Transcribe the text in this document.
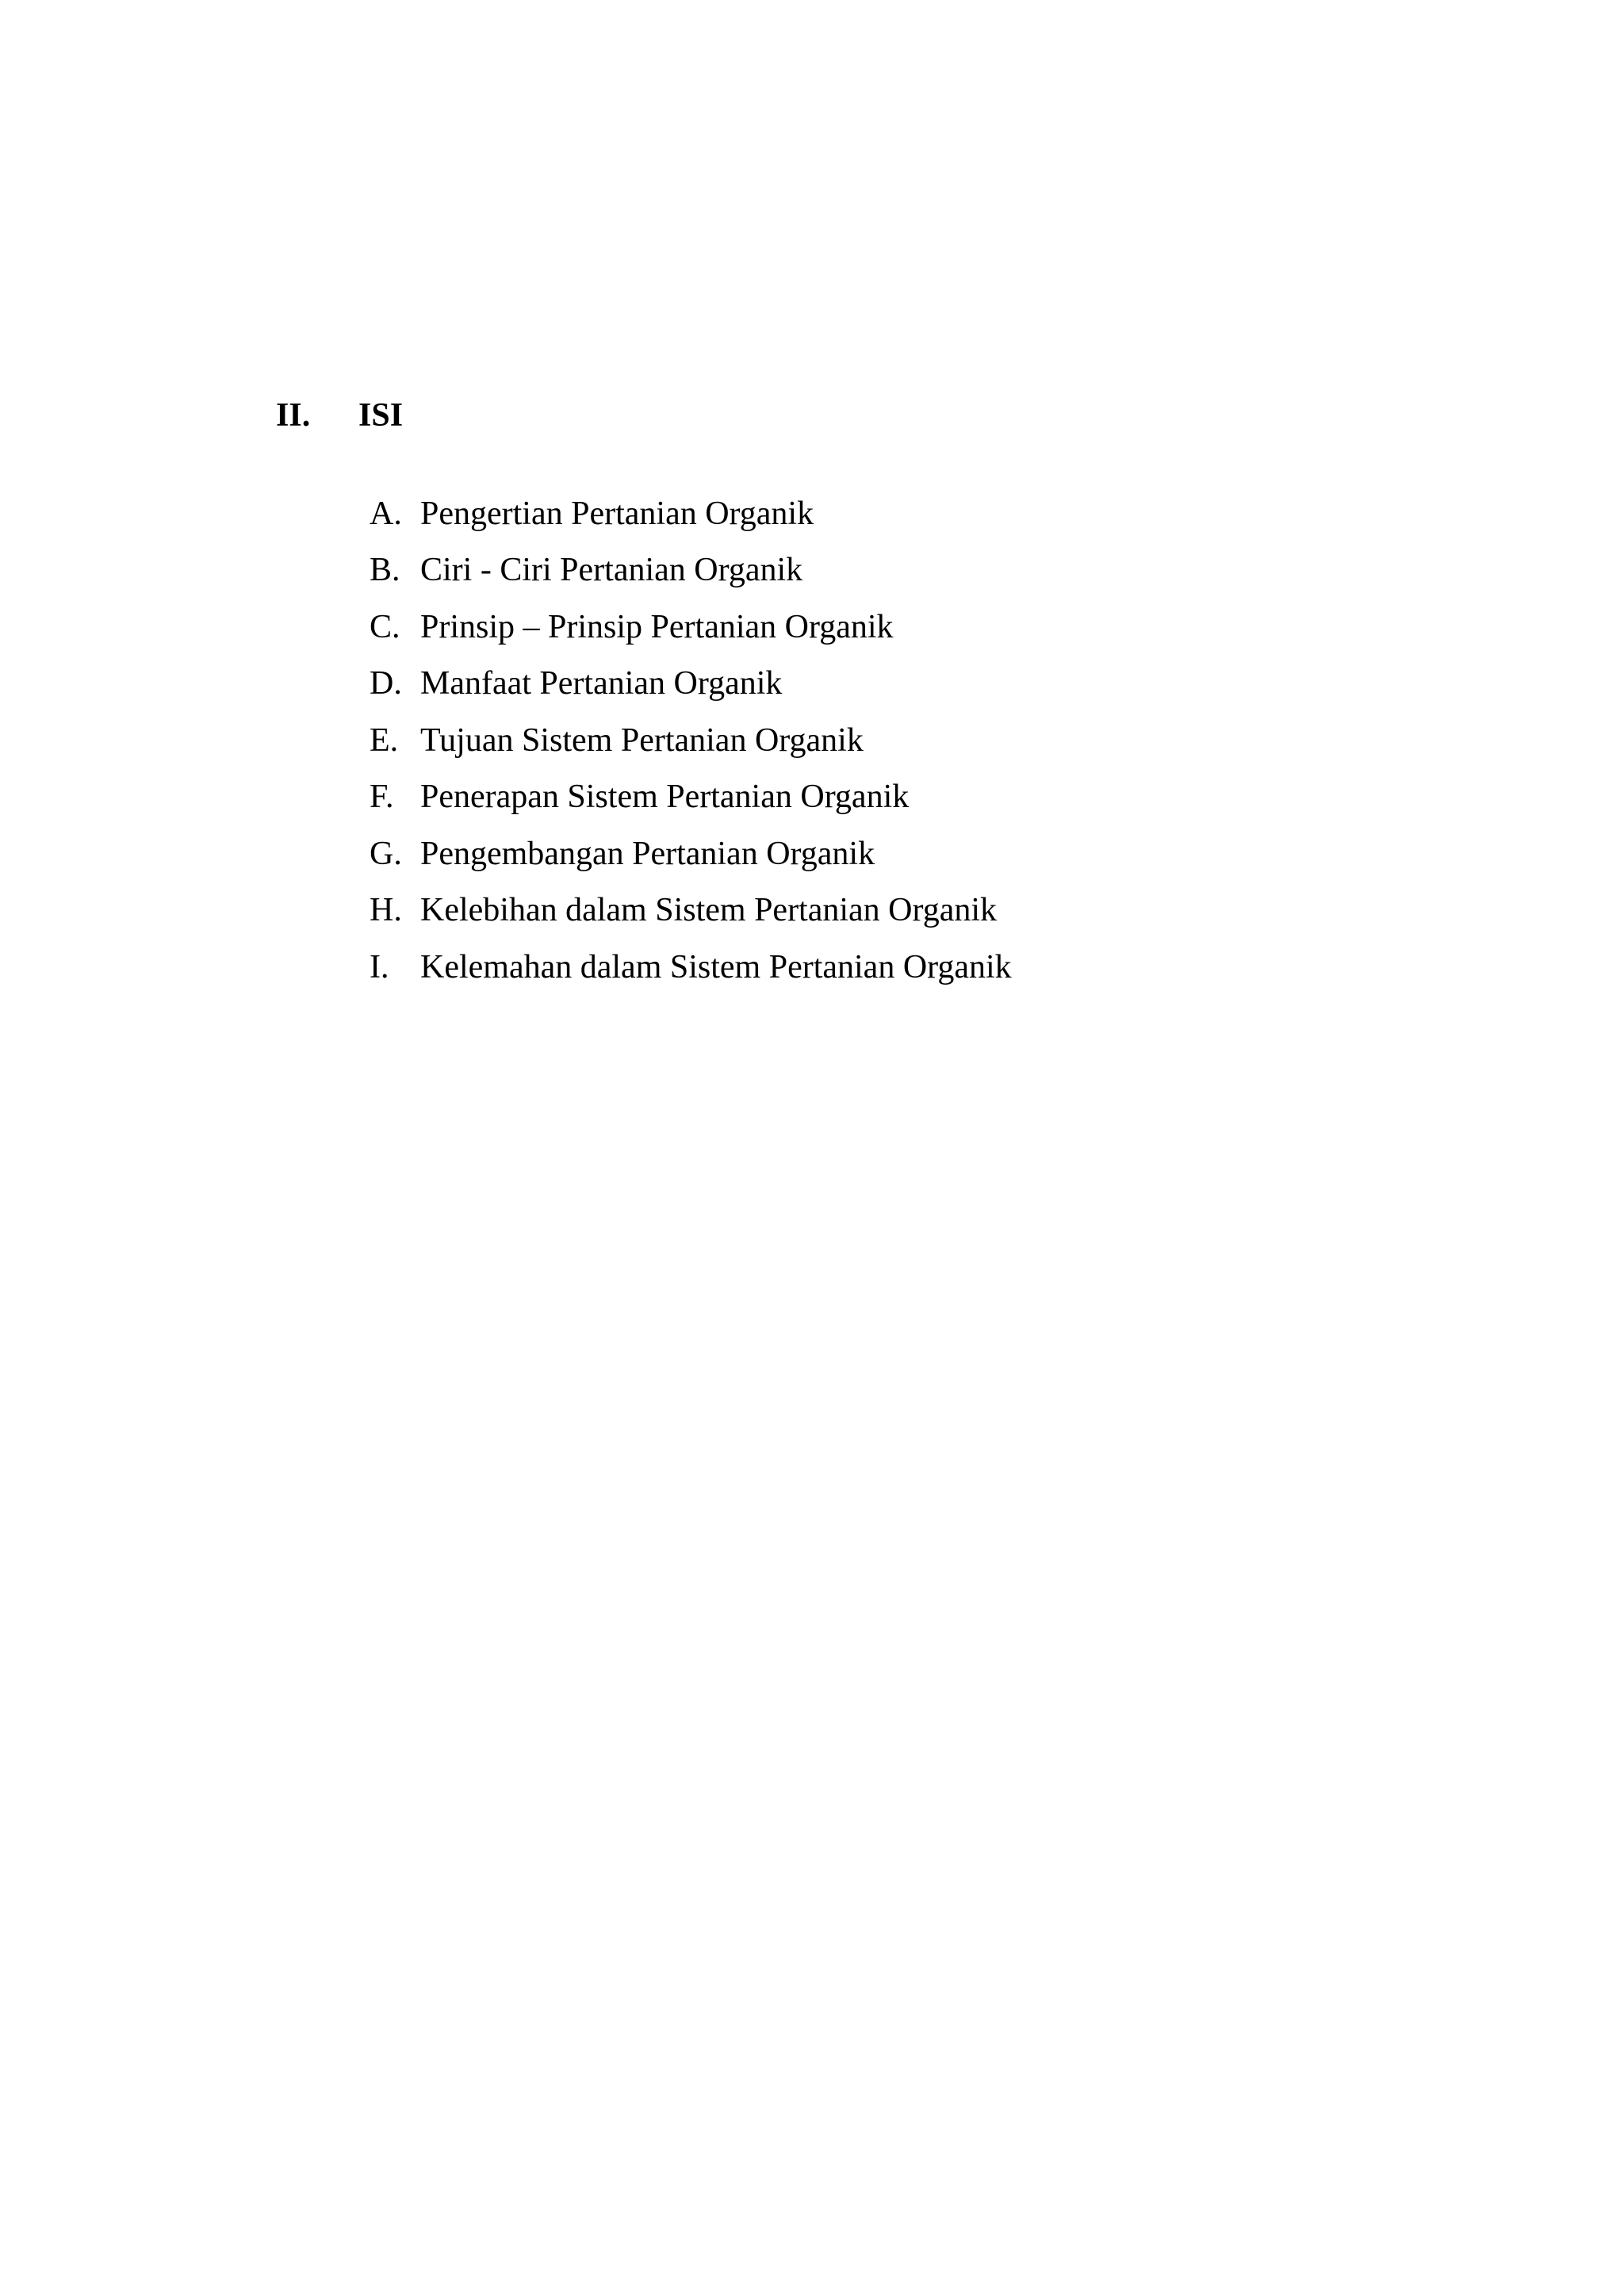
II.	ISI
A. Pengertian Pertanian Organik
B. Ciri - Ciri Pertanian Organik
C. Prinsip – Prinsip Pertanian Organik
D. Manfaat Pertanian Organik
E. Tujuan Sistem Pertanian Organik
F. Penerapan Sistem Pertanian Organik
G. Pengembangan Pertanian Organik
H. Kelebihan dalam Sistem Pertanian Organik
I. Kelemahan dalam Sistem Pertanian Organik
